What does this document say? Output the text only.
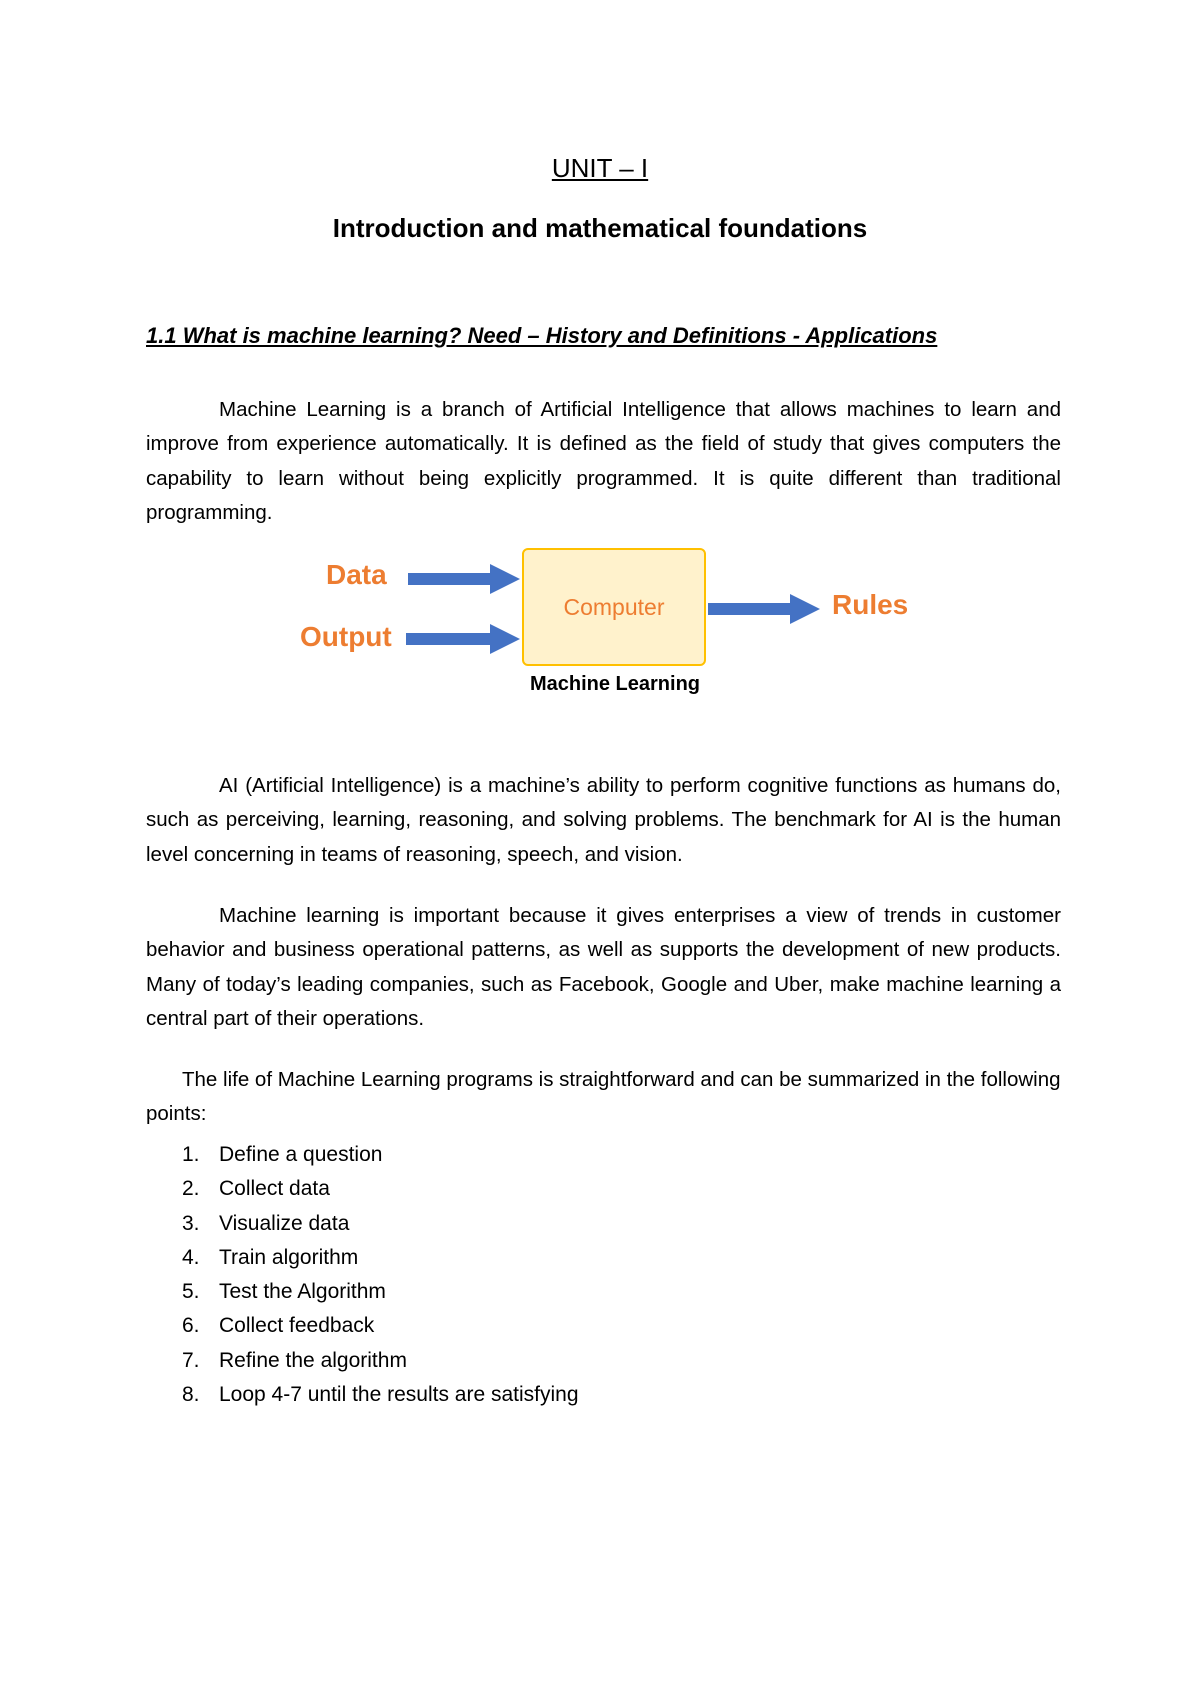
UNIT – I
Introduction and mathematical foundations
1.1 What is machine learning? Need – History and Definitions - Applications

Machine Learning is a branch of Artificial Intelligence that allows machines to learn and improve from experience automatically. It is defined as the field of study that gives computers the capability to learn without being explicitly programmed. It is quite different than traditional programming.

Data
Output
Computer	Rules
Machine Learning

AI (Artificial Intelligence) is a machine’s ability to perform cognitive functions as humans do, such as perceiving, learning, reasoning, and solving problems. The benchmark for AI is the human level concerning in teams of reasoning, speech, and vision.

Machine learning is important because it gives enterprises a view of trends in customer behavior and business operational patterns, as well as supports the development of new products. Many of today’s leading companies, such as Facebook, Google and Uber, make machine learning a central part of their operations.

The life of Machine Learning programs is straightforward and can be summarized in the following points:

1. Define a question
2. Collect data
3. Visualize data
4. Train algorithm
5. Test the Algorithm
6. Collect feedback
7. Refine the algorithm
8. Loop 4-7 until the results are satisfying
